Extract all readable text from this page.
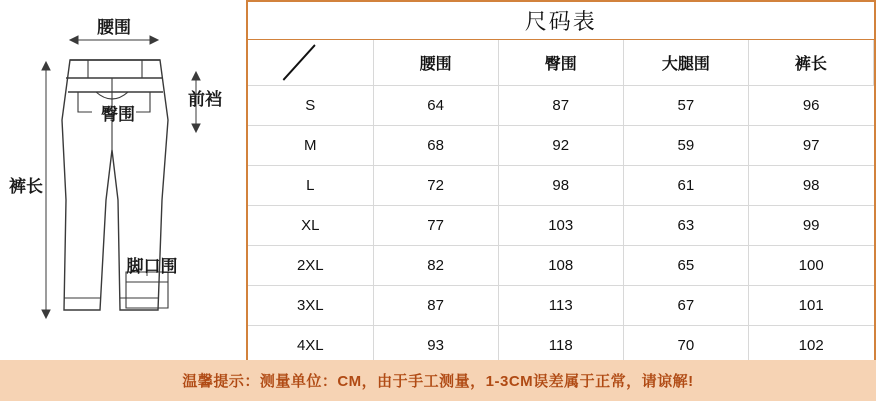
腰围
臀围
前裆
裤长
脚口围
尺码表				

	腰围	臀围	大腿围	裤长
S	64	87	57	96
M	68	92	59	97
L	72	98	61	98
XL	77	103	63	99
2XL	82	108	65	100
3XL	87	113	67	101
4XL	93	118	70	102
温馨提示：测量单位：CM，由于手工测量，1-3CM误差属于正常，请谅解!
